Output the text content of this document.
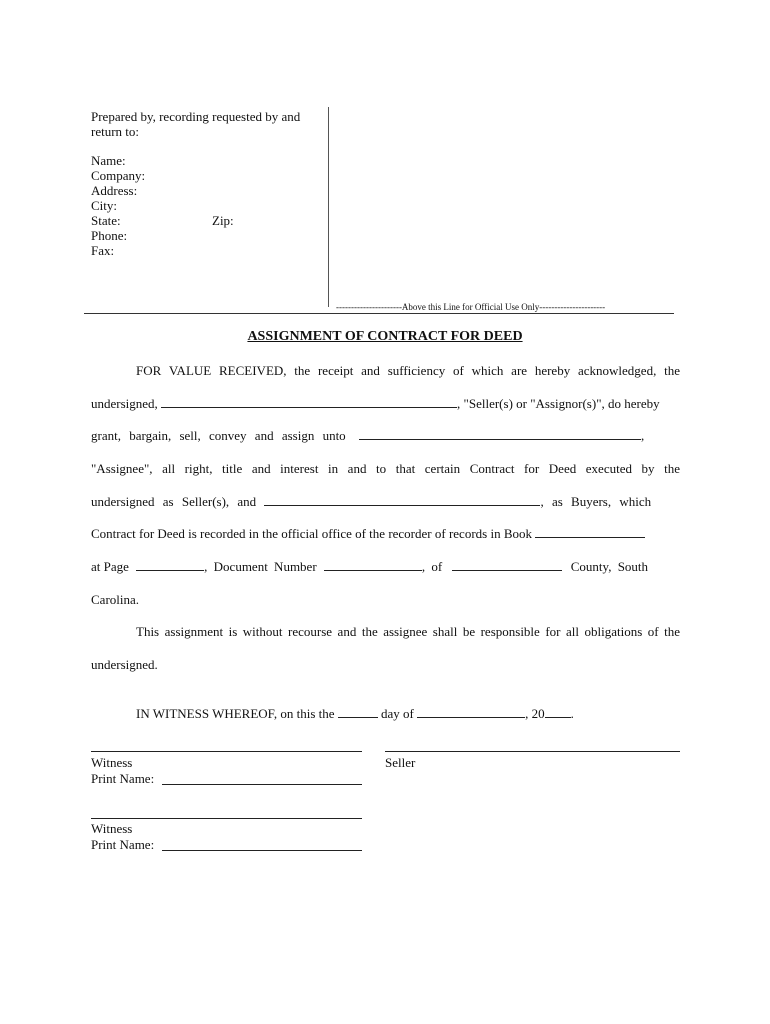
Prepared by, recording requested by and
return to:
Name:
Company:
Address:
City:
State:	Zip:
Phone:
Fax:
----------------------Above this Line for Official Use Only----------------------
ASSIGNMENT OF CONTRACT FOR DEED
FOR VALUE RECEIVED, the receipt and sufficiency of which are hereby acknowledged, the
undersigned,	, "Seller(s) or "Assignor(s)", do hereby
grant, bargain, sell, convey and assign unto	,
"Assignee", all right, title and interest in and to that certain Contract for Deed executed by the
undersigned as Seller(s), and	, as Buyers, which
Contract for Deed is recorded in the official office of the recorder of records in Book
at Page	, Document Number	, of	County, South
Carolina.
This assignment is without recourse and the assignee shall be responsible for all obligations of the
undersigned.
IN WITNESS WHEREOF, on this the	day of	, 20 .
Witness	Seller
Print Name:
Witness
Print Name:
